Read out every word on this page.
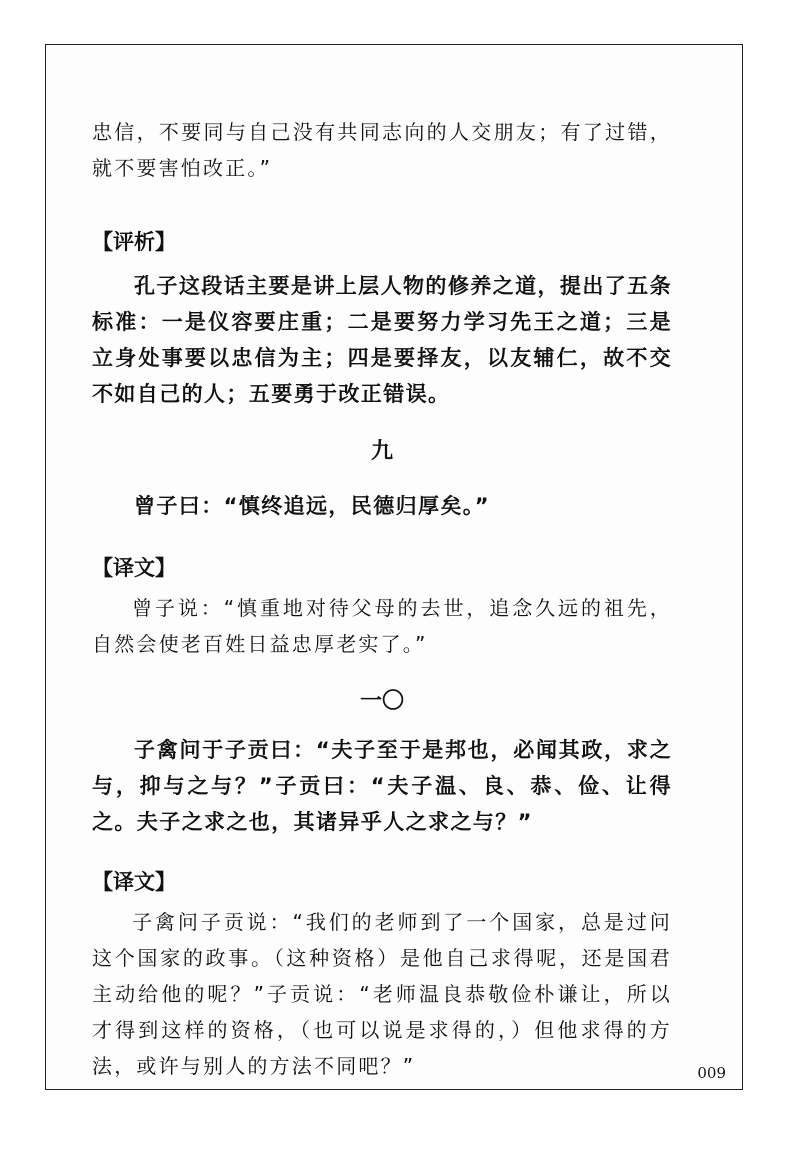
忠信，不要同与自己没有共同志向的人交朋友；有了过错，就不要害怕改正。”

【评析】

孔子这段话主要是讲上层人物的修养之道，提出了五条标准：一是仪容要庄重；二是要努力学习先王之道；三是立身处事要以忠信为主；四是要择友，以友辅仁，故不交不如自己的人；五要勇于改正错误。

九

曾子曰：“慎终追远，民德归厚矣。”

【译文】

曾子说：“慎重地对待父母的去世，追念久远的祖先，自然会使老百姓日益忠厚老实了。”

一〇

子禽问于子贡曰：“夫子至于是邦也，必闻其政，求之与，抑与之与？”子贡曰：“夫子温、良、恭、俭、让得之。夫子之求之也，其诸异乎人之求之与？”

【译文】

子禽问子贡说：“我们的老师到了一个国家，总是过问这个国家的政事。（这种资格）是他自己求得呢，还是国君主动给他的呢？”子贡说：“老师温良恭敬俭朴谦让，所以才得到这样的资格，（也可以说是求得的，）但他求得的方法，或许与别人的方法不同吧？”	009
